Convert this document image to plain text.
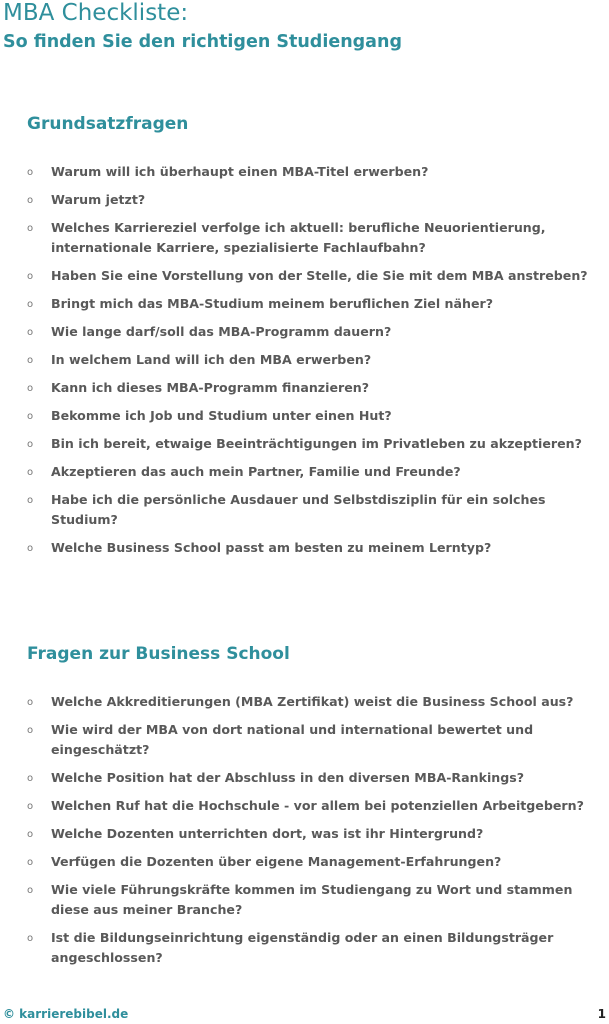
MBA Checkliste:
So finden Sie den richtigen Studiengang
Grundsatzfragen
o Warum will ich überhaupt einen MBA-Titel erwerben?
o Warum jetzt?
o Welches Karriereziel verfolge ich aktuell: berufliche Neuorientierung, internationale Karriere, spezialisierte Fachlaufbahn?
o Haben Sie eine Vorstellung von der Stelle, die Sie mit dem MBA anstreben?
o Bringt mich das MBA-Studium meinem beruflichen Ziel näher?
o Wie lange darf/soll das MBA-Programm dauern?
o In welchem Land will ich den MBA erwerben?
o Kann ich dieses MBA-Programm finanzieren?
o Bekomme ich Job und Studium unter einen Hut?
o Bin ich bereit, etwaige Beeinträchtigungen im Privatleben zu akzeptieren?
o Akzeptieren das auch mein Partner, Familie und Freunde?
o Habe ich die persönliche Ausdauer und Selbstdisziplin für ein solches Studium?
o Welche Business School passt am besten zu meinem Lerntyp?
Fragen zur Business School
o Welche Akkreditierungen (MBA Zertifikat) weist die Business School aus?
o Wie wird der MBA von dort national und international bewertet und eingeschätzt?
o Welche Position hat der Abschluss in den diversen MBA-Rankings?
o Welchen Ruf hat die Hochschule - vor allem bei potenziellen Arbeitgebern?
o Welche Dozenten unterrichten dort, was ist ihr Hintergrund?
o Verfügen die Dozenten über eigene Management-Erfahrungen?
o Wie viele Führungskräfte kommen im Studiengang zu Wort und stammen diese aus meiner Branche?
o Ist die Bildungseinrichtung eigenständig oder an einen Bildungsträger angeschlossen?
© karrierebibel.de	1
